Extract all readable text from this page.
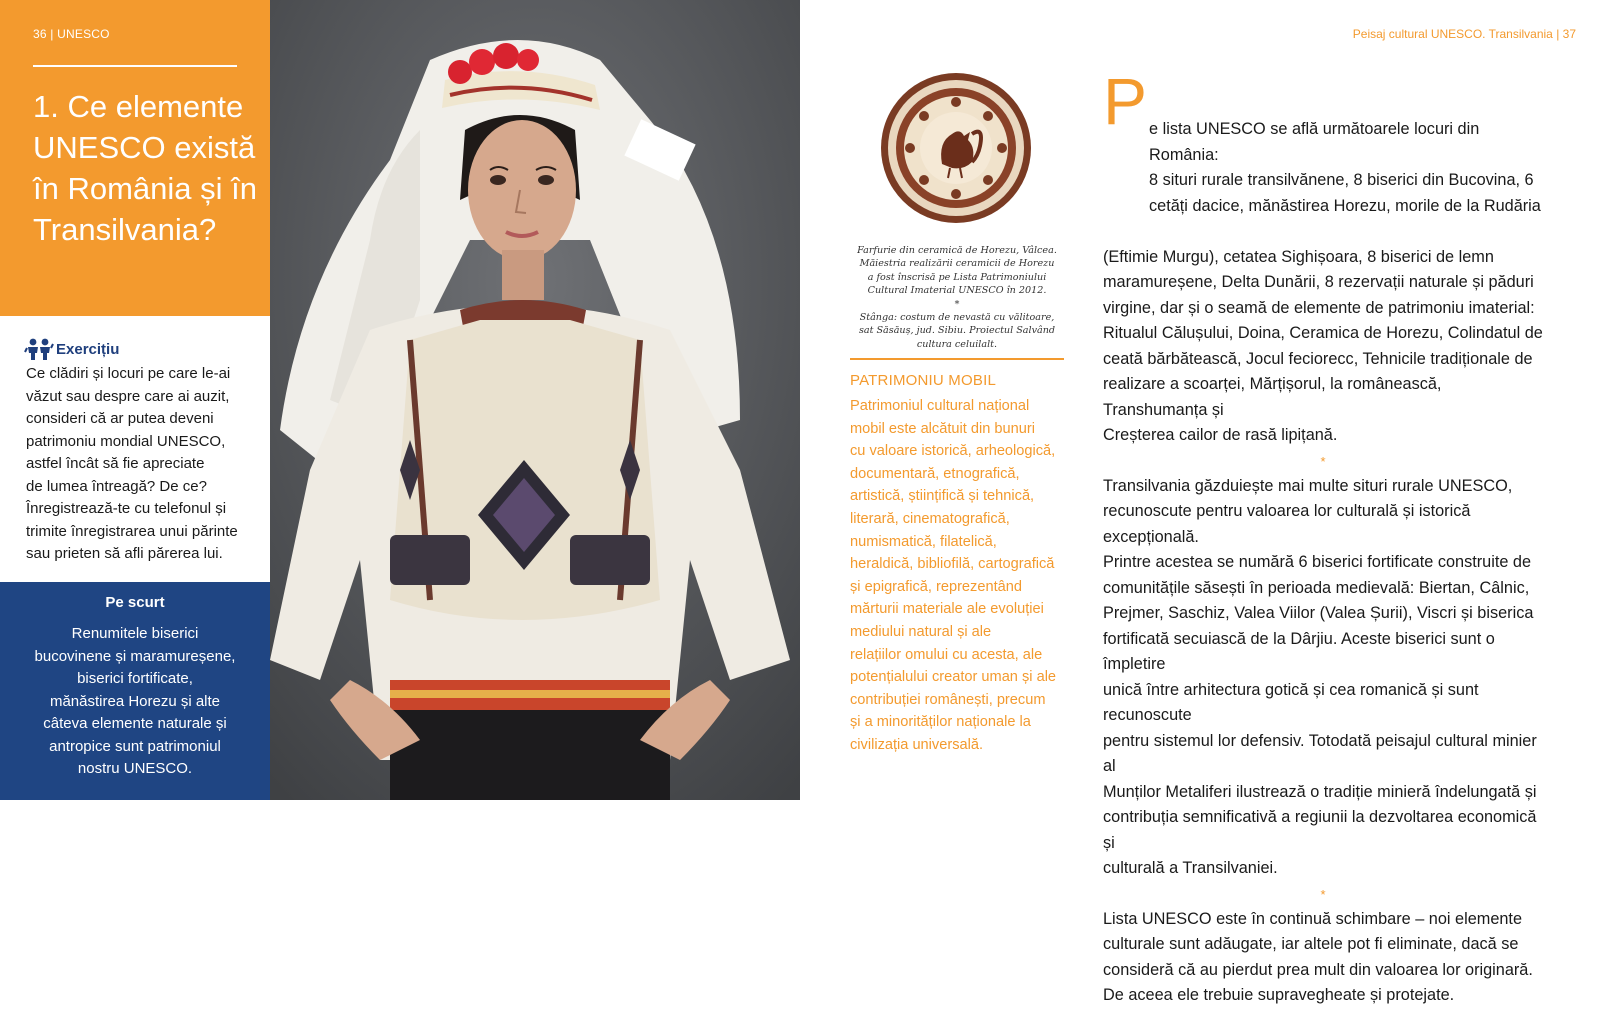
36 | UNESCO
1. Ce elemente UNESCO există în România și în Transilvania?
Exercițiu

Ce clădiri și locuri pe care le-ai
văzut sau despre care ai auzit,
consideri că ar putea deveni
patrimoniu mondial UNESCO,
astfel încât să fie apreciate
de lumea întreagă? De ce?
Înregistrează-te cu telefonul și
trimite înregistrarea unui părinte
sau prieten să afli părerea lui.

Pe scurt

Renumitele biserici
bucovinene și maramureșene,
biserici fortificate,
mănăstirea Horezu și alte
câteva elemente naturale și
antropice sunt patrimoniul
nostru UNESCO.

Peisaj cultural UNESCO. Transilvania | 37
Farfurie din ceramică de Horezu, Vâlcea. Măiestria realizării ceramicii de Horezu a fost înscrisă pe Lista Patrimoniului Cultural Imaterial UNESCO în 2012.
*
Stânga: costum de nevastă cu vălitoare, sat Săsăuș, jud. Sibiu. Proiectul Salvând cultura celuilalt.
PATRIMONIU MOBIL

Patrimoniul cultural național
mobil este alcătuit din bunuri
cu valoare istorică, arheologică,
documentară, etnografică,
artistică, științifică și tehnică,
literară, cinematografică,
numismatică, filatelică,
heraldică, bibliofilă, cartografică
și epigrafică, reprezentând
mărturii materiale ale evoluției
mediului natural și ale
relațiilor omului cu acesta, ale
potențialului creator uman și ale
contribuției românești, precum
și a minorităților naționale la
civilizația universală.

P e lista UNESCO se află următoarele locuri din România:
8 situri rurale transilvănene, 8 biserici din Bucovina, 6
cetăți dacice, mănăstirea Horezu, morile de la Rudăria

(Eftimie Murgu), cetatea Sighișoara, 8 biserici de lemn
maramureșene, Delta Dunării, 8 rezervații naturale și păduri
virgine, dar și o seamă de elemente de patrimoniu imaterial:
Ritualul Călușului, Doina, Ceramica de Horezu, Colindatul de
ceată bărbătească, Jocul feciorесc, Tehnicile tradiționale de
realizare a scoarței, Mărțișorul, la românească, Transhumanța și
Creșterea cailor de rasă lipițană.

*

Transilvania găzduiește mai multe situri rurale UNESCO,
recunoscute pentru valoarea lor culturală și istorică excepțională.
Printre acestea se numără 6 biserici fortificate construite de
comunitățile săsești în perioada medievală: Biertan, Câlnic,
Prejmer, Saschiz, Valea Viilor (Valea Șurii), Viscri și biserica
fortificată secuiască de la Dârjiu. Aceste biserici sunt o împletire
unică între arhitectura gotică și cea romanică și sunt recunoscute
pentru sistemul lor defensiv. Totodată peisajul cultural minier al
Munților Metaliferi ilustrează o tradiție minieră îndelungată și
contribuția semnificativă a regiunii la dezvoltarea economică și
culturală a Transilvaniei.

*

Lista UNESCO este în continuă schimbare – noi elemente
culturale sunt adăugate, iar altele pot fi eliminate, dacă se
consideră că au pierdut prea mult din valoarea lor originară.
De aceea ele trebuie supravegheate și protejate.
